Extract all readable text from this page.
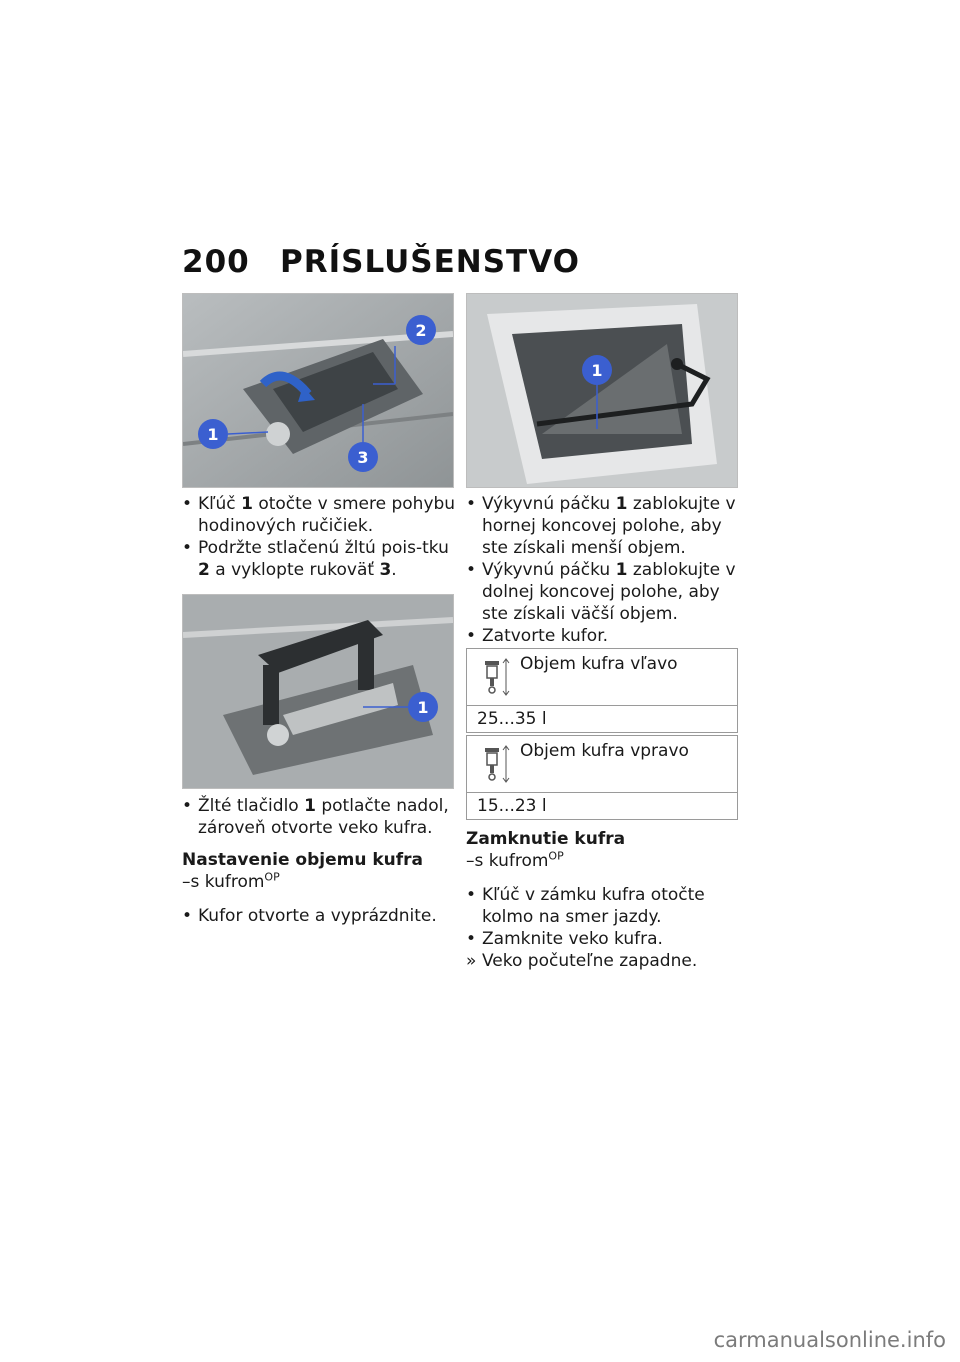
200 PRÍSLUŠENSTVO
1
2
3
1
1

• Kľúč 1 otočte v smere pohybu hodinových ručičiek.

• Podržte stlačenú žltú pois-tku 2 a vyklopte rukoväť 3.

• Žlté tlačidlo 1 potlačte nadol, zároveň otvorte veko kufra.

Nastavenie objemu kufra

–s kufrom$^{OP}$

• Kufor otvorte a vyprázdnite.

• Výkyvnú páčku 1 zablokujte v hornej koncovej polohe, aby ste získali menší objem.

• Výkyvnú páčku 1 zablokujte v dolnej koncovej polohe, aby ste získali väčší objem.

• Zatvorte kufor.

Objem kufra vľavo
25...35 l
Objem kufra vpravo
15...23 l

Zamknutie kufra

–s kufrom$^{OP}$

• Kľúč v zámku kufra otočte kolmo na smer jazdy.

• Zamknite veko kufra.

» Veko počuteľne zapadne.

carmanualsonline.info
